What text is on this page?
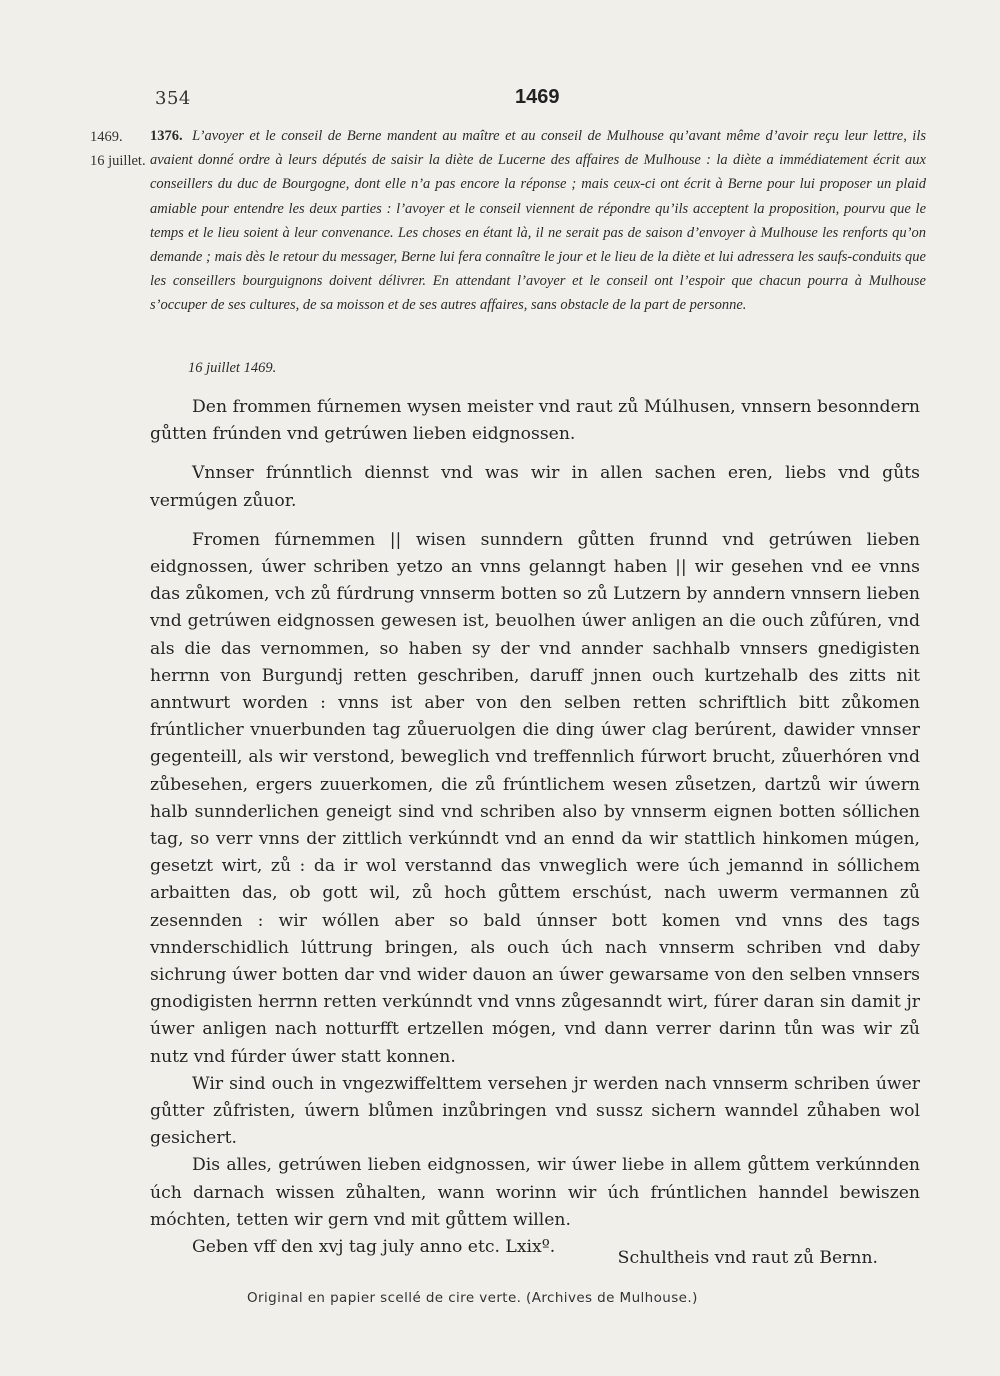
354	1469
1469.
16 juillet.
1376. L’avoyer et le conseil de Berne mandent au maître et au conseil de Mulhouse qu’avant même d’avoir reçu leur lettre, ils avaient donné ordre à leurs députés de saisir la diète de Lucerne des affaires de Mulhouse : la diète a immédiatement écrit aux conseillers du duc de Bourgogne, dont elle n’a pas encore la réponse ; mais ceux-ci ont écrit à Berne pour lui proposer un plaid amiable pour entendre les deux parties : l’avoyer et le conseil viennent de répondre qu’ils acceptent la proposition, pourvu que le temps et le lieu soient à leur convenance. Les choses en étant là, il ne serait pas de saison d’envoyer à Mulhouse les renforts qu’on demande ; mais dès le retour du messager, Berne lui fera connaître le jour et le lieu de la diète et lui adressera les saufs-conduits que les conseillers bourguignons doivent délivrer. En attendant l’avoyer et le conseil ont l’espoir que chacun pourra à Mulhouse s’occuper de ses cultures, de sa moisson et de ses autres affaires, sans obstacle de la part de personne.
16 juillet 1469.

Den frommen fúrnemen wysen meister vnd raut zů Múlhusen, vnnsern besonndern gůtten frúnden vnd getrúwen lieben eidgnossen.

Vnnser frúnntlich diennst vnd was wir in allen sachen eren, liebs vnd gůts vermúgen zůuor.

Fromen fúrnemmen || wisen sunndern gůtten frunnd vnd getrúwen lieben eidgnossen, úwer schriben yetzo an vnns gelanngt haben || wir gesehen vnd ee vnns das zůkomen, vch zů fúrdrung vnnserm botten so zů Lutzern by anndern vnnsern lieben vnd getrúwen eidgnossen gewesen ist, beuolhen úwer anligen an die ouch zůfúren, vnd als die das vernommen, so haben sy der vnd annder sachhalb vnnsers gnedigisten herrnn von Burgundj retten geschriben, daruff jnnen ouch kurtzehalb des zitts nit anntwurt worden : vnns ist aber von den selben retten schriftlich bitt zůkomen frúntlicher vnuerbunden tag zůueruolgen die ding úwer clag berúrent, dawider vnnser gegenteill, als wir verstond, beweglich vnd treffennlich fúrwort brucht, zůuerhóren vnd zůbesehen, ergers zuuerkomen, die zů frúntlichem wesen zůsetzen, dartzů wir úwern halb sunnderlichen geneigt sind vnd schriben also by vnnserm eignen botten sóllichen tag, so verr vnns der zittlich verkúnndt vnd an ennd da wir stattlich hinkomen múgen, gesetzt wirt, zů : da ir wol verstannd das vnweglich were úch jemannd in sóllichem arbaitten das, ob gott wil, zů hoch gůttem erschúst, nach uwerm vermannen zů zesennden : wir wóllen aber so bald únnser bott komen vnd vnns des tags vnnderschidlich lúttrung bringen, als ouch úch nach vnnserm schriben vnd daby sichrung úwer botten dar vnd wider dauon an úwer gewarsame von den selben vnnsers gnodigisten herrnn retten verkúnndt vnd vnns zůgesanndt wirt, fúrer daran sin damit jr úwer anligen nach notturfft ertzellen mógen, vnd dann verrer darinn tůn was wir zů nutz vnd fúrder úwer statt konnen.

Wir sind ouch in vngezwiffelttem versehen jr werden nach vnnserm schriben úwer gůtter zůfristen, úwern blůmen inzůbringen vnd sussz sichern wanndel zůhaben wol gesichert.

Dis alles, getrúwen lieben eidgnossen, wir úwer liebe in allem gůttem verkúnnden úch darnach wissen zůhalten, wann worinn wir úch frúntlichen hanndel bewiszen móchten, tetten wir gern vnd mit gůttem willen.

Geben vff den xvj tag july anno etc. Lxixº.

Schultheis vnd raut zů Bernn.
Original en papier scellé de cire verte. (Archives de Mulhouse.)
